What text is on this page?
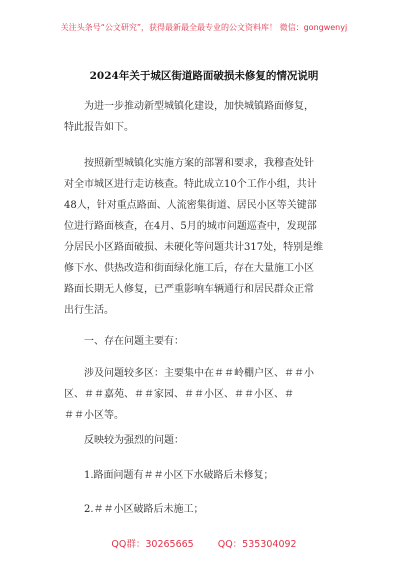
关注头条号“公文研究”，获得最新最全最专业的公文资料库！ 微信：gongwenyj
2024年关于城区街道路面破损未修复的情况说明

为进一步推动新型城镇化建设，加快城镇路面修复，
特此报告如下。

按照新型城镇化实施方案的部署和要求，我穆查处针
对全市城区进行走访核查。特此成立10个工作小组，共计
48人，针对重点路面、人流密集街道、居民小区等关键部
位进行路面核查，在4月、5月的城市问题巡查中，发现部
分居民小区路面破损、未硬化等问题共计317处，特别是维
修下水、供热改造和街面绿化施工后，存在大量施工小区
路面长期无人修复，已严重影响车辆通行和居民群众正常
出行生活。

一、存在问题主要有：

涉及问题较多区：主要集中在＃＃岭棚户区、＃＃小
区、＃＃嘉苑、＃＃家园、＃＃小区、＃＃小区、＃
＃＃小区等。

反映较为强烈的问题：

1.路面问题有＃＃小区下水破路后未修复；

2.＃＃小区破路后未施工；

QQ群：30265665	QQ：535304092
